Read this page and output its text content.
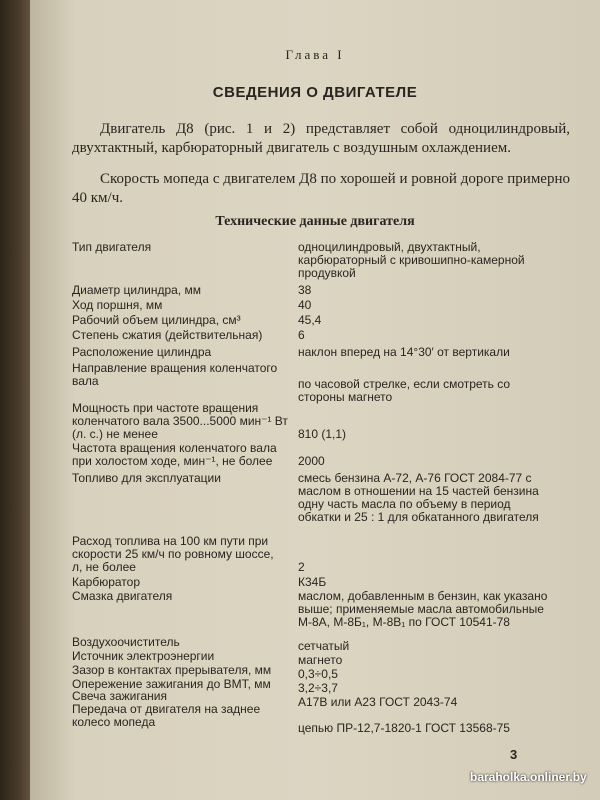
Глава I
СВЕДЕНИЯ О ДВИГАТЕЛЕ
Двигатель Д8 (рис. 1 и 2) представляет собой одноцилиндровый, двухтактный, карбюраторный двигатель с воздушным охлаждением.
Скорость мопеда с двигателем Д8 по хорошей и ровной дороге примерно 40 км/ч.
Технические данные двигателя
Тип двигателя	одноцилиндровый, двухтактный, карбюраторный с кривошипно-камерной продувкой
Диаметр цилиндра, мм	38
Ход поршня, мм	40
Рабочий объем цилиндра, см³	45,4
Степень сжатия (действительная)	6
Расположение цилиндра	наклон вперед на 14°30′ от вертикали
Направление вращения коленчатого вала	по часовой стрелке, если смотреть со стороны магнето
Мощность при частоте вращения коленчатого вала 3500...5000 мин⁻¹ Вт (л. с.) не менее	810 (1,1)
Частота вращения коленчатого вала при холостом ходе, мин⁻¹, не более	2000
Топливо для эксплуатации	смесь бензина А-72, А-76 ГОСТ 2084-77 с маслом в отношении на 15 частей бензина одну часть масла по объему в период обкатки и 25 : 1 для обкатанного двигателя
Расход топлива на 100 км пути при скорости 25 км/ч по ровному шоссе, л, не более	2
Карбюратор	К34Б
Смазка двигателя	маслом, добавленным в бензин, как указано выше; применяемые масла автомобильные М-8А, М-8Б₁, М-8В₁ по ГОСТ 10541-78
Воздухоочиститель	сетчатый
Источник электроэнергии	магнето
Зазор в контактах прерывателя, мм	0,3÷0,5
Опережение зажигания до ВМТ, мм	3,2÷3,7
Свеча зажигания	А17В или А23 ГОСТ 2043-74
Передача от двигателя на заднее колесо мопеда	цепью ПР-12,7-1820-1 ГОСТ 13568-75
3
baraholka.onliner.by
